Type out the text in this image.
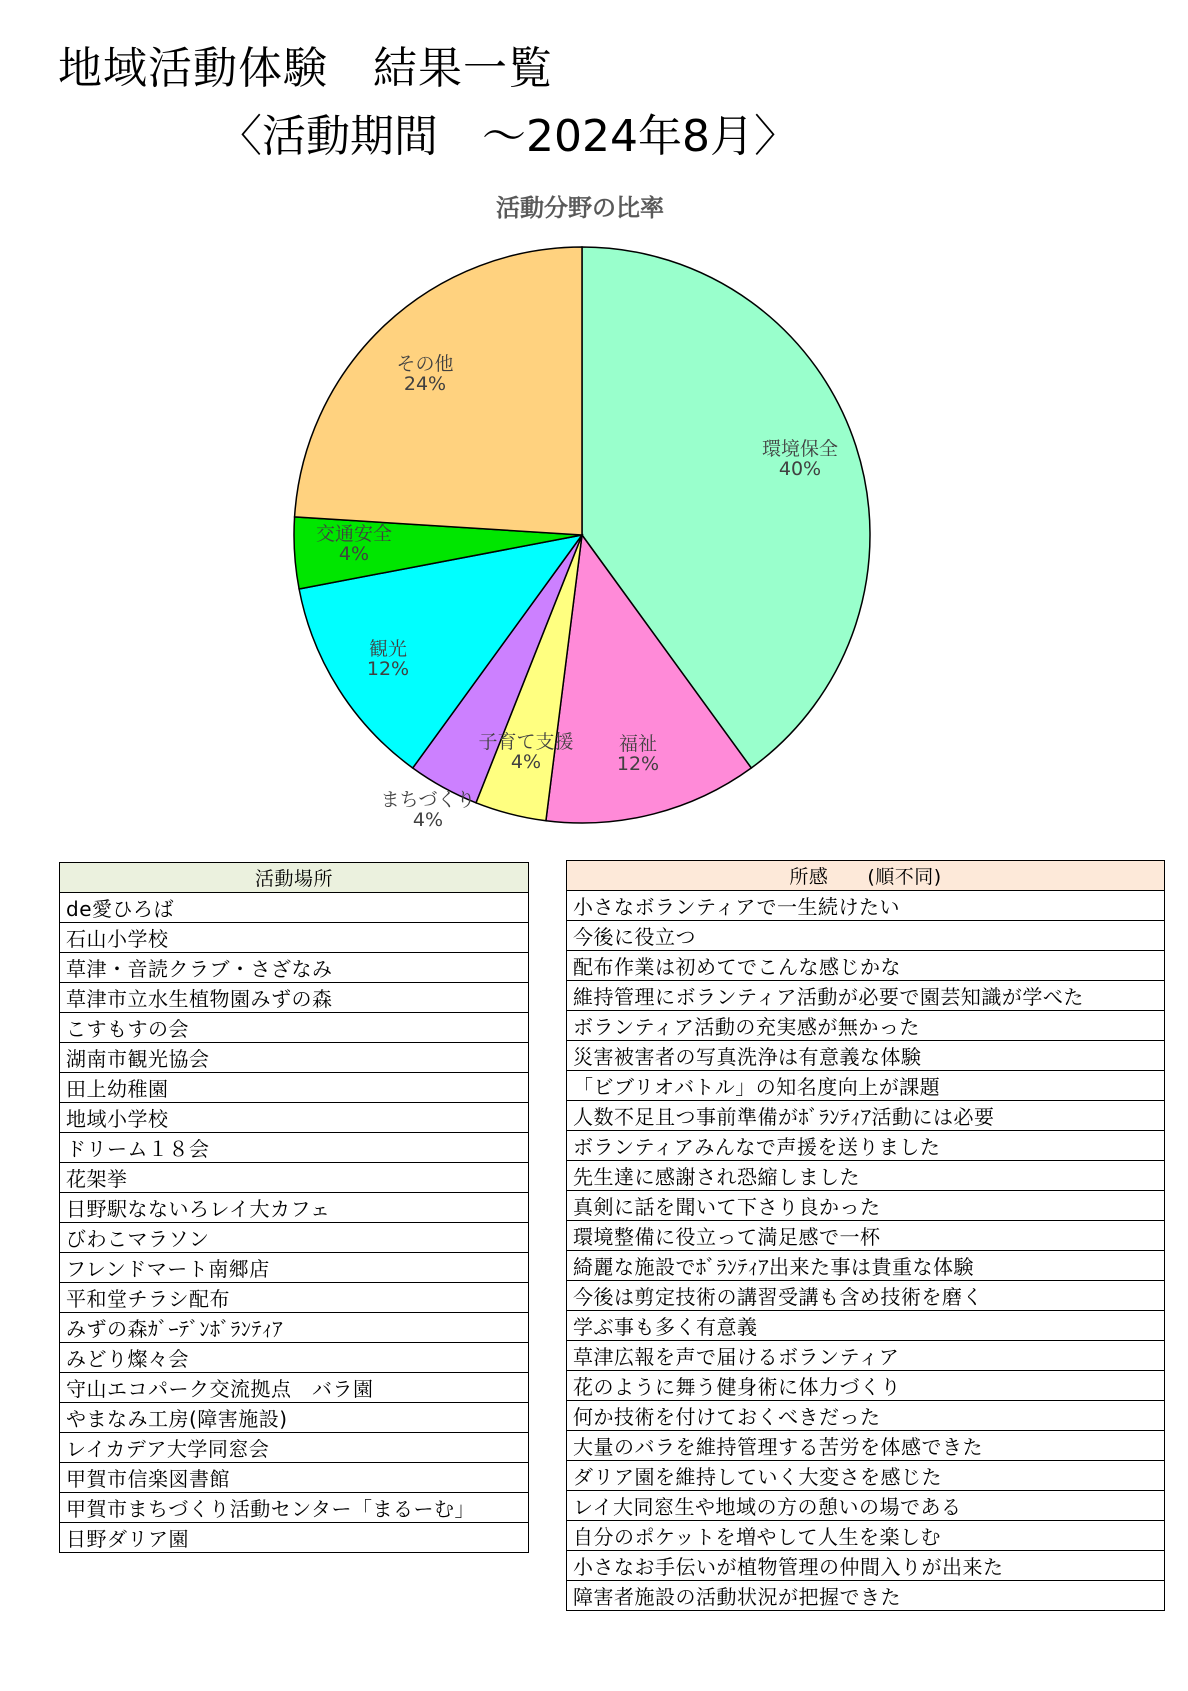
地域活動体験　結果一覧
〈活動期間　～2024年8月〉
活動分野の比率
環境保全
40%
福祉
12%
子育て支援
4%
まちづくり
4%
観光
12%
交通安全
4%
その他
24%
活動場所
de愛ひろば
石山小学校
草津・音読クラブ・さざなみ
草津市立水生植物園みずの森
こすもすの会
湖南市観光協会
田上幼稚園
地域小学校
ドリーム１８会
花架挙
日野駅なないろレイ大カフェ
びわこマラソン
フレンドマート南郷店
平和堂チラシ配布
みずの森ｶﾞｰﾃﾞﾝﾎﾞﾗﾝﾃｨｱ
みどり燦々会
守山エコパーク交流拠点　バラ園
やまなみ工房(障害施設)
レイカデア大学同窓会
甲賀市信楽図書館
甲賀市まちづくり活動センター「まるーむ」
日野ダリア園
所感　　(順不同)
小さなボランティアで一生続けたい
今後に役立つ
配布作業は初めてでこんな感じかな
維持管理にボランティア活動が必要で園芸知識が学べた
ボランティア活動の充実感が無かった
災害被害者の写真洗浄は有意義な体験
「ビブリオバトル」の知名度向上が課題
人数不足且つ事前準備がﾎﾞﾗﾝﾃｨｱ活動には必要
ボランティアみんなで声援を送りました
先生達に感謝され恐縮しました
真剣に話を聞いて下さり良かった
環境整備に役立って満足感で一杯
綺麗な施設でﾎﾞﾗﾝﾃｨｱ出来た事は貴重な体験
今後は剪定技術の講習受講も含め技術を磨く
学ぶ事も多く有意義
草津広報を声で届けるボランティア
花のように舞う健身術に体力づくり
何か技術を付けておくべきだった
大量のバラを維持管理する苦労を体感できた
ダリア園を維持していく大変さを感じた
レイ大同窓生や地域の方の憩いの場である
自分のポケットを増やして人生を楽しむ
小さなお手伝いが植物管理の仲間入りが出来た
障害者施設の活動状況が把握できた
